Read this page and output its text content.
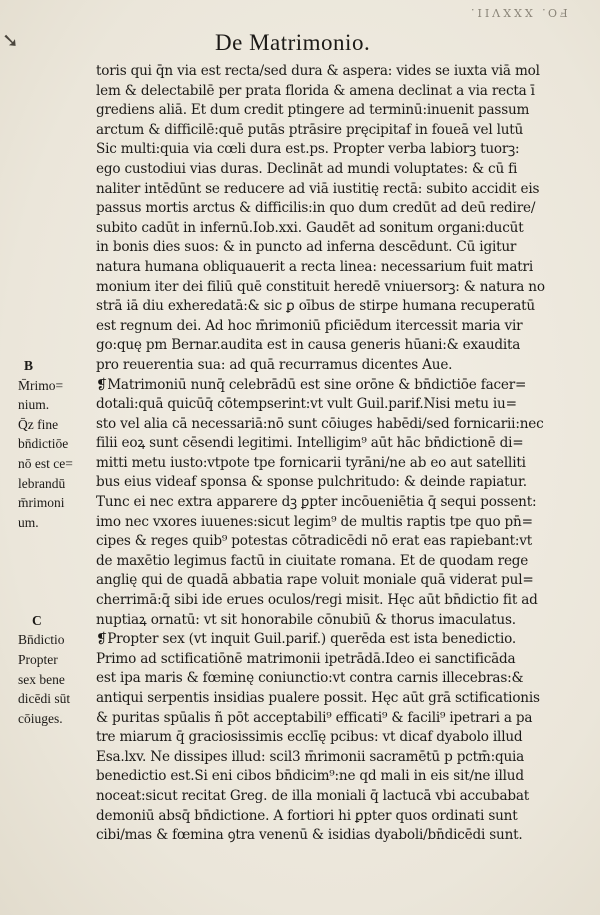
➘
FO. XXXVII.
De Matrimonio.
toris qui q̄n via est recta/sed dura & aspera: vides se iuxta viā mol
lem & delectabilē per prata florida & amena declinat a via recta ī
grediens aliā. Et dum credit ptingere ad terminū:inuenit passum
arctum & difficilē:quē putās ptrāsire pręcipitaf in foueā vel lutū
Sic multi:quia via cœli dura est.ps. Propter verba labiorꝫ tuorꝫ:
ego custodiui vias duras. Declināt ad mundi voluptates: & cū fi
naliter intēdūnt se reducere ad viā iustitię rectā: subito accidit eis
passus mortis arctus & difficilis:in quo dum credūt ad deū redire/
subito cadūt in infernū.Iob.xxi. Gaudēt ad sonitum organi:ducūt
in bonis dies suos: & in puncto ad inferna descēdunt. Cū igitur
natura humana obliquauerit a recta linea: necessarium fuit matri
monium iter dei filiū quē constituit heredē vniuersorꝫ: & natura no
strā iā diu exheredatā:& sic ꝑ oībus de stirpe humana recuperatū
est regnum dei. Ad hoc m̄rimoniū pficiēdum itercessit maria vir
go:quę pm Bernar.audita est in causa generis hūani:& exaudita
pro reuerentia sua: ad quā recurramus dicentes Aue.
❡Matrimoniū nunq̄ celebrādū est sine orōne & bn̄dictiōe facer=
dotali:quā quicūq̄ cōtempserint:vt vult Guil.parif.Nisi metu iu=
sto vel alia cā necessariā:nō sunt cōiuges habēdi/sed fornicarii:nec
filii eoꝝ sunt cēsendi legitimi. Intelligim⁹ aūt hāc bn̄dictionē di=
mitti metu iusto:vtpote tpe fornicarii tyrāni/ne ab eo aut satelliti
bus eius videaf sponsa & sponse pulchritudo: & deinde rapiatur.
Tunc ei nec extra apparere dꝫ ꝑpter incōueniētia q̄ sequi possent:
imo nec vxores iuuenes:sicut legim⁹ de multis raptis tpe quo pn̄=
cipes & reges quib⁹ potestas cōtradicēdi nō erat eas rapiebant:vt
de maxētio legimus factū in ciuitate romana. Et de quodam rege
anglię qui de quadā abbatia rape voluit moniale quā viderat pul=
cherrimā:q̄ sibi ide erues oculos/regi misit. Hęc aūt bn̄dictio fit ad
nuptiaꝝ ornatū: vt sit honorabile cōnubiū & thorus imaculatus.
❡Propter sex (vt inquit Guil.parif.) querēda est ista benedictio.
Primo ad sctificatiōnē matrimonii ipetrādā.Ideo ei sanctificāda
est ipa maris & fœminę coniunctio:vt contra carnis illecebras:&
antiqui serpentis insidias pualere possit. Hęc aūt grā sctificationis
& puritas spūalis ñ pōt acceptabili⁹ efficati⁹ & facili⁹ ipetrari a pa
tre miarum q̄ graciosissimis ecclīę pcibus: vt dicaf dyabolo illud
Esa.lxv. Ne dissipes illud: scil3 m̄rimonii sacramētū p pctm̄:quia
benedictio est.Si eni cibos bn̄dicim⁹:ne qd mali in eis sit/ne illud
noceat:sicut recitat Greg. de illa moniali q̄ lactucā vbi accubabat
demoniū absq̄ bn̄dictione. A fortiori hi ꝑpter quos ordinati sunt
cibi/mas & fœmina ꝯtra venenū & isidias dyaboli/bn̄dicēdi sunt.
B
M̄rimo=
nium.
Q̄z fine
bn̄dictiōe
nō est ce=
lebrandū
m̄rimoni
um.
C
Bn̄dictio
Propter
sex bene
dicēdi sūt
cōiuges.
